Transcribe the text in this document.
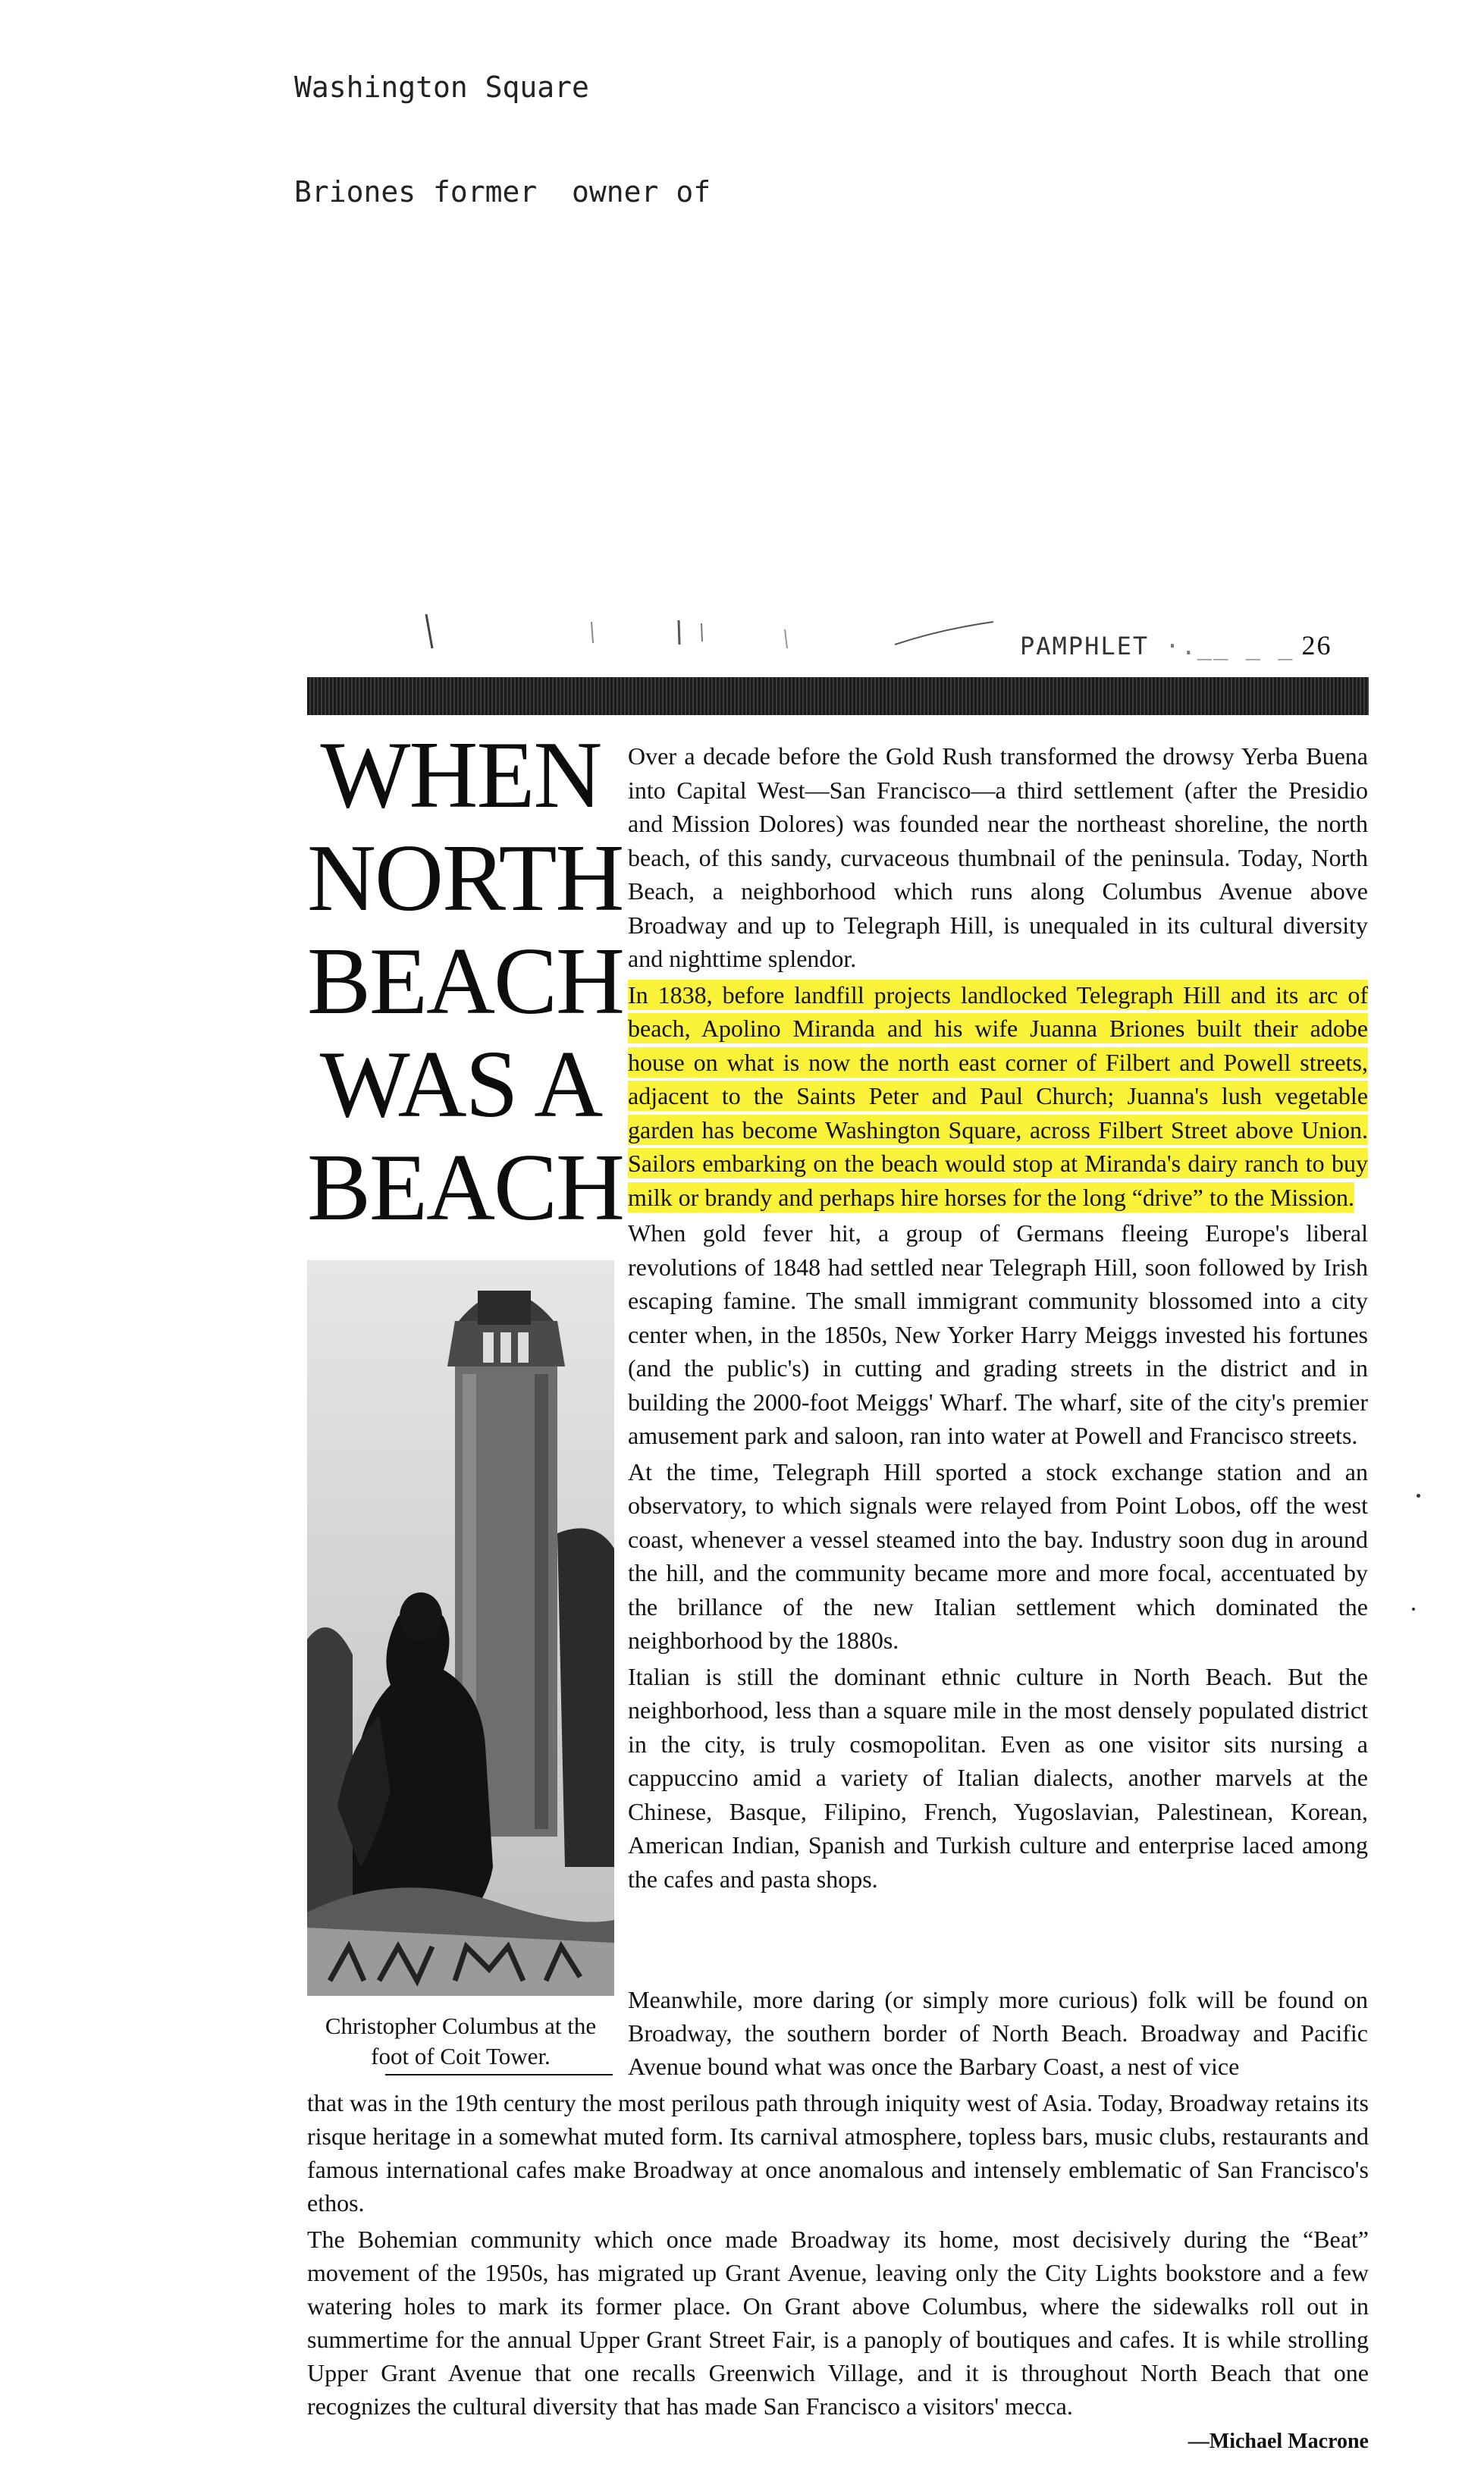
Washington Square

Briones former  owner of

PAMPHLET ·.__ _ _ 26
WHEN
NORTH
BEACH
WAS A
BEACH
Christopher Columbus at the foot of Coit Tower.

Over a decade before the Gold Rush transformed the drowsy Yerba Buena into Capital West—San Francisco—a third settlement (after the Presidio and Mission Dolores) was founded near the northeast shoreline, the north beach, of this sandy, curvaceous thumbnail of the peninsula. Today, North Beach, a neighborhood which runs along Columbus Avenue above Broadway and up to Telegraph Hill, is unequaled in its cultural diversity and nighttime splendor.

In 1838, before landfill projects landlocked Telegraph Hill and its arc of beach, Apolino Miranda and his wife Juanna Briones built their adobe house on what is now the north east corner of Filbert and Powell streets, adjacent to the Saints Peter and Paul Church; Juanna's lush vegetable garden has become Washington Square, across Filbert Street above Union. Sailors embarking on the beach would stop at Miranda's dairy ranch to buy milk or brandy and perhaps hire horses for the long “drive” to the Mission.

When gold fever hit, a group of Germans fleeing Europe's liberal revolutions of 1848 had settled near Telegraph Hill, soon followed by Irish escaping famine. The small immigrant community blossomed into a city center when, in the 1850s, New Yorker Harry Meiggs invested his fortunes (and the public's) in cutting and grading streets in the district and in building the 2000-foot Meiggs' Wharf. The wharf, site of the city's premier amusement park and saloon, ran into water at Powell and Francisco streets.

At the time, Telegraph Hill sported a stock exchange station and an observatory, to which signals were relayed from Point Lobos, off the west coast, whenever a vessel steamed into the bay. Industry soon dug in around the hill, and the community became more and more focal, accentuated by the brillance of the new Italian settlement which dominated the neighborhood by the 1880s.

Italian is still the dominant ethnic culture in North Beach. But the neighborhood, less than a square mile in the most densely populated district in the city, is truly cosmopolitan. Even as one visitor sits nursing a cappuccino amid a variety of Italian dialects, another marvels at the Chinese, Basque, Filipino, French, Yugoslavian, Palestinean, Korean, American Indian, Spanish and Turkish culture and enterprise laced among the cafes and pasta shops.

Meanwhile, more daring (or simply more curious) folk will be found on Broadway, the southern border of North Beach. Broadway and Pacific Avenue bound what was once the Barbary Coast, a nest of vice

that was in the 19th century the most perilous path through iniquity west of Asia. Today, Broadway retains its risque heritage in a somewhat muted form. Its carnival atmosphere, topless bars, music clubs, restaurants and famous international cafes make Broadway at once anomalous and intensely emblematic of San Francisco's ethos.

The Bohemian community which once made Broadway its home, most decisively during the “Beat” movement of the 1950s, has migrated up Grant Avenue, leaving only the City Lights bookstore and a few watering holes to mark its former place. On Grant above Columbus, where the sidewalks roll out in summertime for the annual Upper Grant Street Fair, is a panoply of boutiques and cafes. It is while strolling Upper Grant Avenue that one recalls Greenwich Village, and it is throughout North Beach that one recognizes the cultural diversity that has made San Francisco a visitors' mecca.

—Michael Macrone
